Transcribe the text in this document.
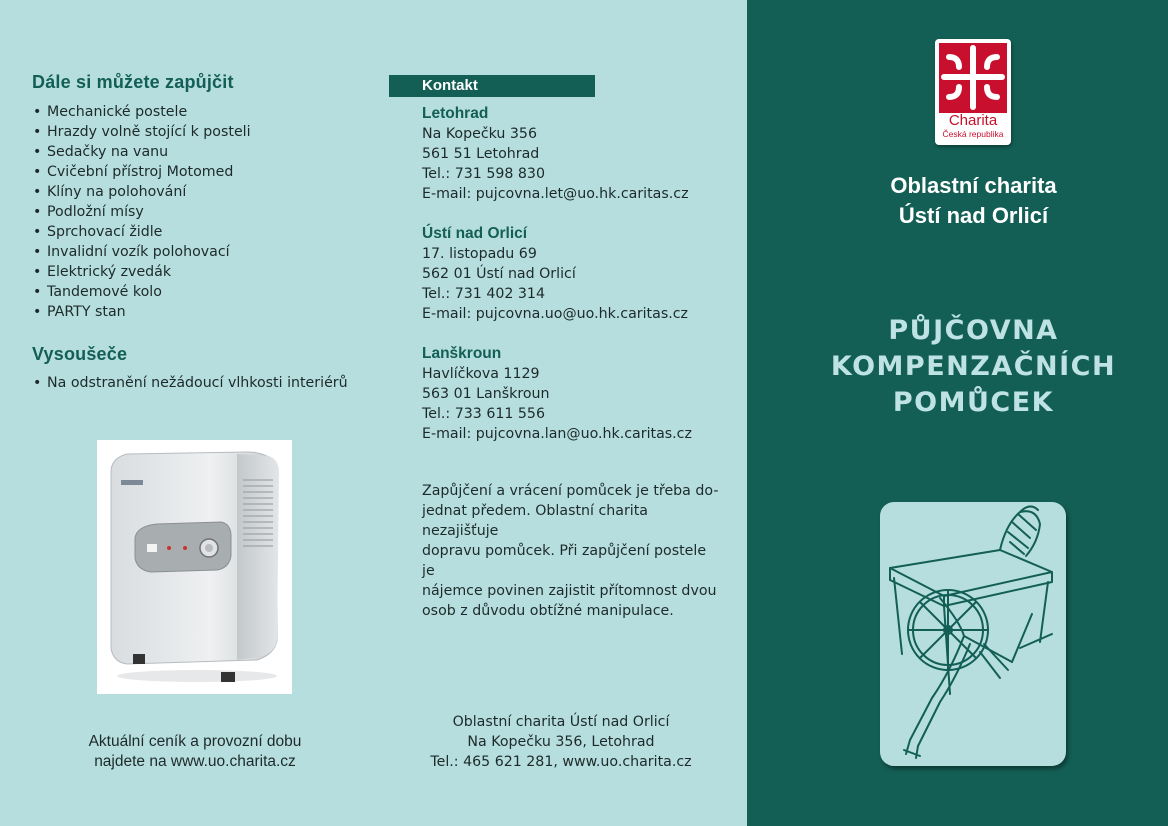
Dále si můžete zapůjčit
• Mechanické postele
• Hrazdy volně stojící k posteli
• Sedačky na vanu
• Cvičební přístroj Motomed
• Klíny na polohování
• Podložní mísy
• Sprchovací židle
• Invalidní vozík polohovací
• Elektrický zvedák
• Tandemové kolo
• PARTY stan
Vysoušeče
• Na odstranění nežádoucí vlhkosti interiérů
Aktuální ceník a provozní dobu
najdete na www.uo.charita.cz
Kontakt
Letohrad
Na Kopečku 356
561 51 Letohrad
Tel.: 731 598 830
E-mail: pujcovna.let@uo.hk.caritas.cz
Ústí nad Orlicí
17. listopadu 69
562 01 Ústí nad Orlicí
Tel.: 731 402 314
E-mail: pujcovna.uo@uo.hk.caritas.cz
Lanškroun
Havlíčkova 1129
563 01 Lanškroun
Tel.: 733 611 556
E-mail: pujcovna.lan@uo.hk.caritas.cz
Zapůjčení a vrácení pomůcek je třeba do-
jednat předem. Oblastní charita nezajišťuje
dopravu pomůcek. Při zapůjčení postele je
nájemce povinen zajistit přítomnost dvou
osob z důvodu obtížné manipulace.
Oblastní charita Ústí nad Orlicí
Na Kopečku 356, Letohrad
Tel.: 465 621 281, www.uo.charita.cz
Charita
Česká republika
Oblastní charita
Ústí nad Orlicí
PŮJČOVNA
KOMPENZAČNÍCH
POMŮCEK
